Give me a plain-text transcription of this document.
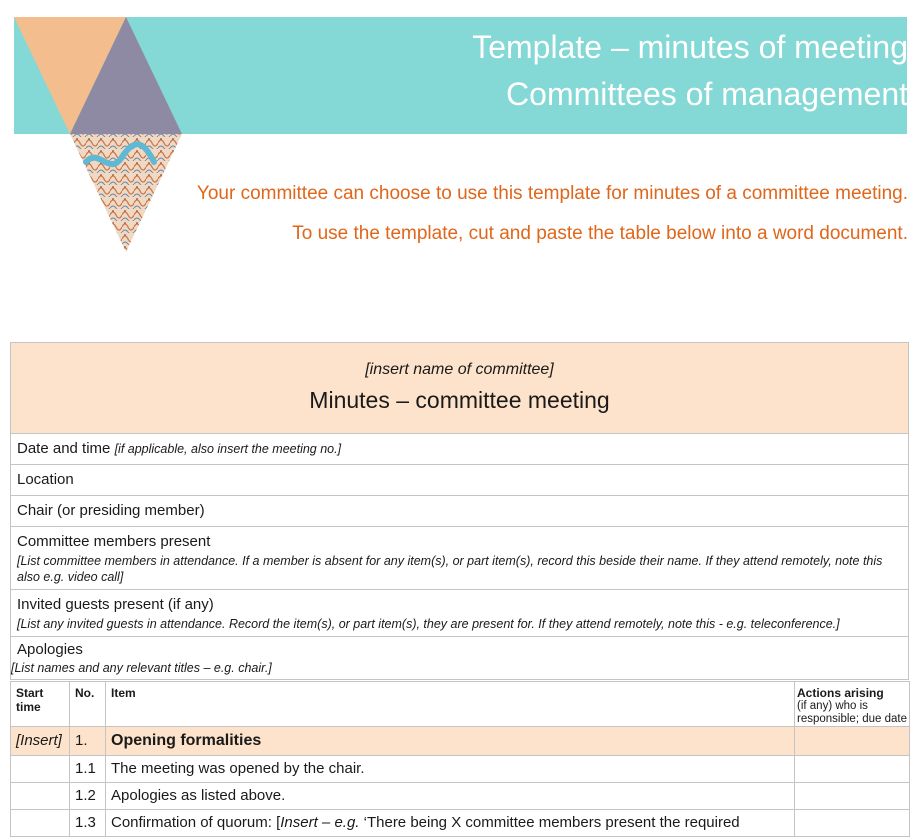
Template – minutes of meeting
Committees of management
Your committee can choose to use this template for minutes of a committee meeting.
To use the template, cut and paste the table below into a word document.
[insert name of committee]
Minutes – committee meeting

Date and time [if applicable, also insert the meeting no.]
Location
Chair (or presiding member)
Committee members present
[List committee members in attendance. If a member is absent for any item(s), or part item(s), record this beside their name. If they attend remotely, note this also e.g. video call]

Invited guests present (if any)
[List any invited guests in attendance. Record the item(s), or part item(s), they are present for. If they attend remotely, note this - e.g. teleconference.]

Apologies
[List names and any relevant titles – e.g. chair.]
Start time	No.	Item	Actions arising
(if any) who is responsible; due date

[Insert]	1.	Opening formalities	
	1.1	The meeting was opened by the chair.	
	1.2	Apologies as listed above.	
	1.3	Confirmation of quorum: [Insert – e.g. ‘There being X committee members present the required	
